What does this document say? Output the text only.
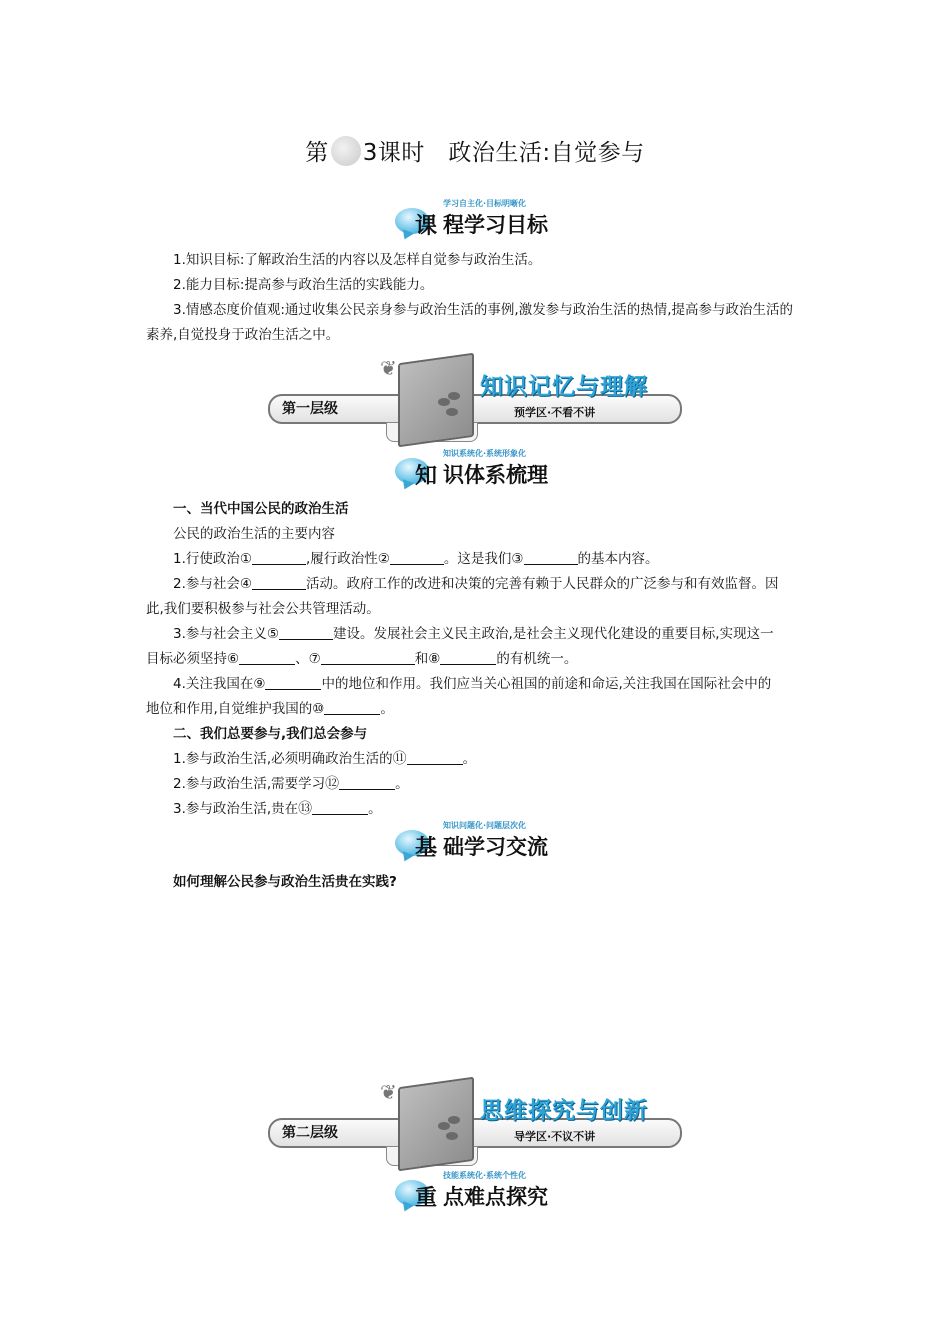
第 3课时　政治生活:自觉参与
学习自主化·目标明晰化
课 程学习目标
1.知识目标:了解政治生活的内容以及怎样自觉参与政治生活。
2.能力目标:提高参与政治生活的实践能力。
3.情感态度价值观:通过收集公民亲身参与政治生活的事例,激发参与政治生活的热情,提高参与政治生活的素养,自觉投身于政治生活之中。
第一层级
❦
知识记忆与理解
预学区·不看不讲
知识系统化·系统形象化
知 识体系梳理
一、当代中国公民的政治生活
公民的政治生活的主要内容
1.行使政治①	,履行政治性②	。这是我们③	的基本内容。
2.参与社会④	活动。政府工作的改进和决策的完善有赖于人民群众的广泛参与和有效监督。因
此,我们要积极参与社会公共管理活动。
3.参与社会主义⑤	建设。发展社会主义民主政治,是社会主义现代化建设的重要目标,实现这一
目标必须坚持⑥	、⑦	和⑧	的有机统一。
4.关注我国在⑨	中的地位和作用。我们应当关心祖国的前途和命运,关注我国在国际社会中的
地位和作用,自觉维护我国的⑩	。
二、我们总要参与,我们总会参与
1.参与政治生活,必须明确政治生活的⑪	。
2.参与政治生活,需要学习⑫	。
3.参与政治生活,贵在⑬	。
知识问题化·问题层次化
基 础学习交流
如何理解公民参与政治生活贵在实践?
第二层级
❦
思维探究与创新
导学区·不议不讲
技能系统化·系统个性化
重 点难点探究
